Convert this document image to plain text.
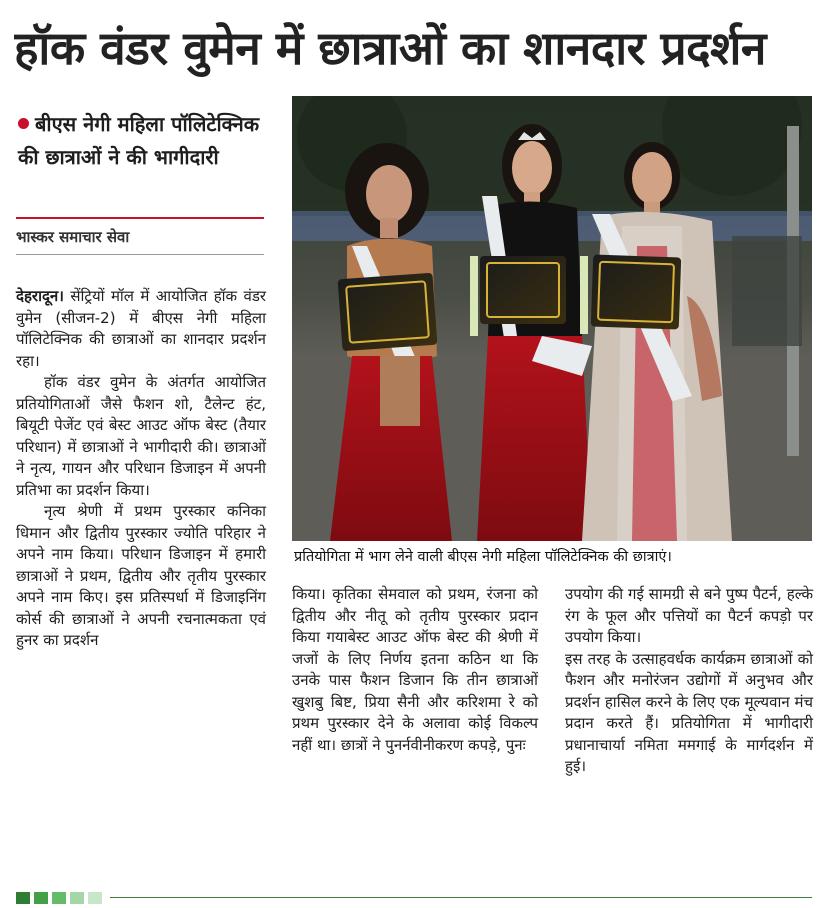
हॉक वंडर वुमेन में छात्राओं का शानदार प्रदर्शन
बीएस नेगी महिला पॉलिटेक्निक की छात्राओं ने की भागीदारी
भास्कर समाचार सेवा
प्रतियोगिता में भाग लेने वाली बीएस नेगी महिला पॉलिटेक्निक की छात्राएं।

देहरादून। सेंट्रियों मॉल में आयोजित हॉक वंडर वुमेन (सीजन-2) में बीएस नेगी महिला पॉलिटेक्निक की छात्राओं का शानदार प्रदर्शन रहा।

हॉक वंडर वुमेन के अंतर्गत आयोजित प्रतियोगिताओं जैसे फैशन शो, टैलेन्ट हंट, बियूटी पेजेंट एवं बेस्ट आउट ऑफ बेस्ट (तैयार परिधान) में छात्राओं ने भागीदारी की। छात्राओं ने नृत्य, गायन और परिधान डिजाइन में अपनी प्रतिभा का प्रदर्शन किया।

नृत्य श्रेणी में प्रथम पुरस्कार कनिका धिमान और द्वितीय पुरस्कार ज्योति परिहार ने अपने नाम किया। परिधान डिजाइन में हमारी छात्राओं ने प्रथम, द्वितीय और तृतीय पुरस्कार अपने नाम किए। इस प्रतिस्पर्धा में डिजाइनिंग कोर्स की छात्राओं ने अपनी रचनात्मकता एवं हुनर का प्रदर्शन

किया। कृतिका सेमवाल को प्रथम, रंजना को द्वितीय और नीतू को तृतीय पुरस्कार प्रदान किया गयाबेस्ट आउट ऑफ बेस्ट की श्रेणी में जजों के लिए निर्णय इतना कठिन था कि उनके पास फैशन डिजान कि तीन छात्राओं खुशबु बिष्ट, प्रिया सैनी और करिशमा रे को प्रथम पुरस्कार देने के अलावा कोई विकल्प नहीं था। छात्रों ने पुनर्नवीनीकरण कपड़े, पुनः

उपयोग की गई सामग्री से बने पुष्प पैटर्न, हल्के रंग के फूल और पत्तियों का पैटर्न कपड़ो पर उपयोग किया।

इस तरह के उत्साहवर्धक कार्यक्रम छात्राओं को फैशन और मनोरंजन उद्योगों में अनुभव और प्रदर्शन हासिल करने के लिए एक मूल्यवान मंच प्रदान करते हैं। प्रतियोगिता में भागीदारी प्रधानाचार्या नमिता ममगाई के मार्गदर्शन में हुई।
